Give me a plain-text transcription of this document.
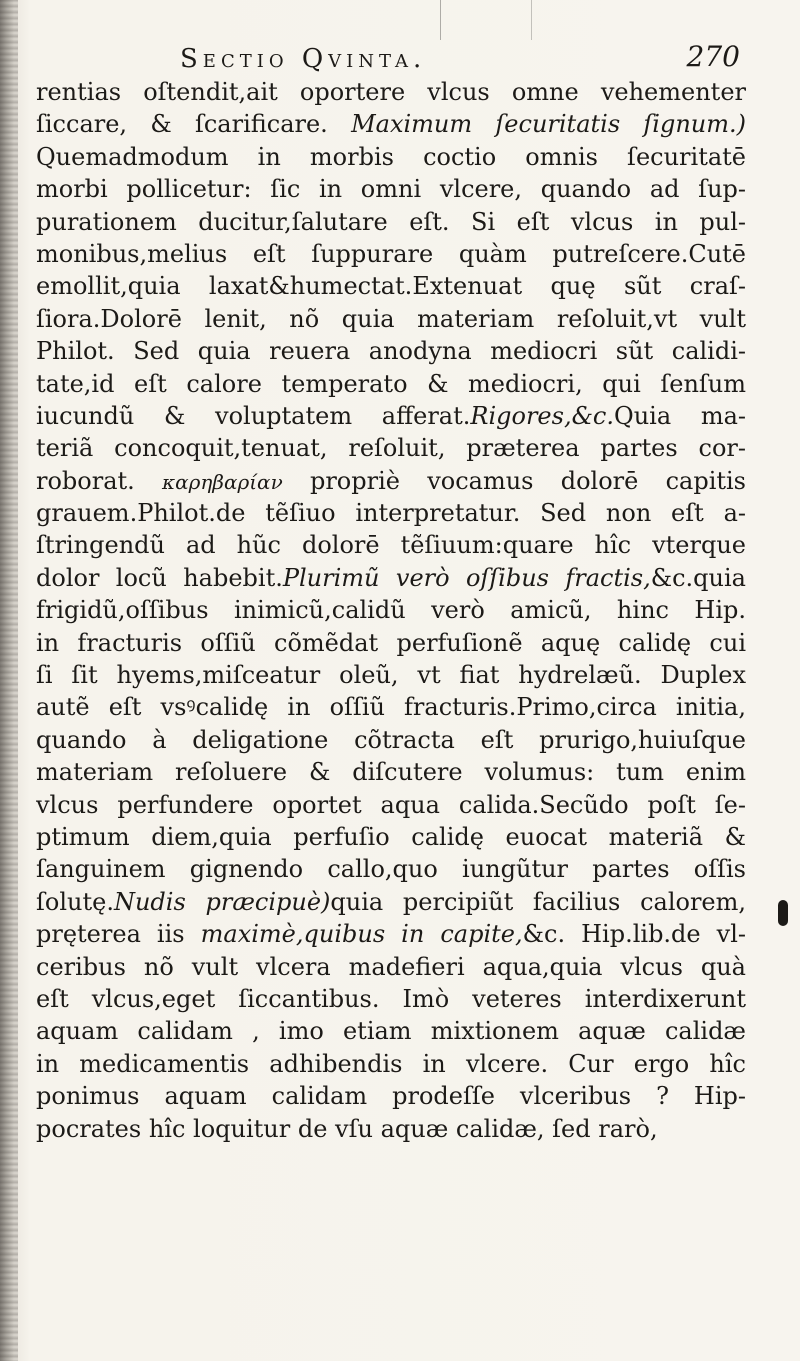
Sectio Qvinta.	270
rentias oſtendit,ait oportere vlcus omne vehementer
ſiccare, & ſcarificare. Maximum ſecuritatis ſignum.)
Quemadmodum in morbis coctio omnis ſecuritatē
morbi pollicetur: ſic in omni vlcere, quando ad ſup-
purationem ducitur,ſalutare eſt. Si eſt vlcus in pul-
monibus,melius eſt ſuppurare quàm putreſcere.Cutē
emollit,quia laxat&humectat.Extenuat quę sũt craſ-
ſiora.Dolorē lenit, nõ quia materiam reſoluit,vt vult
Philot. Sed quia reuera anodyna mediocri sũt calidi-
tate,id eſt calore temperato & mediocri, qui ſenſum
iucundũ & voluptatem afferat.Rigores,&c.Quia ma-
teriã concoquit,tenuat, reſoluit, præterea partes cor-
roborat. καρηβαρίαν propriè vocamus dolorē capitis
grauem.Philot.de tẽſiuo interpretatur. Sed non eſt a-
ſtringendũ ad hũc dolorē tẽſiuum:quare hîc vterque
dolor locũ habebit.Plurimũ verò oſſibus fractis,&c.quia
frigidũ,oſſibus inimicũ,calidũ verò amicũ, hinc Hip.
in fracturis oſſiũ cõmẽdat perfuſionẽ aquę calidę cui
ſi ſit hyems,miſceatur oleũ, vt fiat hydrelæũ. Duplex
autẽ eſt vsꝰcalidę in oſſiũ fracturis.Primo,circa initia,
quando à deligatione cõtracta eſt prurigo,huiuſque
materiam reſoluere & diſcutere volumus: tum enim
vlcus perfundere oportet aqua calida.Secũdo poſt ſe-
ptimum diem,quia perfuſio calidę euocat materiã &
ſanguinem gignendo callo,quo iungũtur partes oſſis
ſolutę.Nudis præcipuè)quia percipiũt facilius calorem,
prętereа iis maximè,quibus in capite,&c. Hip.lib.de vl-
ceribus nõ vult vlcera madefieri aqua,quia vlcus quà
eſt vlcus,eget ſiccantibus. Imò veteres interdixerunt
aquam calidam , imo etiam mixtionem aquæ calidæ
in medicamentis adhibendis in vlcere. Cur ergo hîc
ponimus aquam calidam prodeſſe vlceribus ? Hip-
pocrates hîc loquitur de vſu aquæ calidæ, ſed rarò,
